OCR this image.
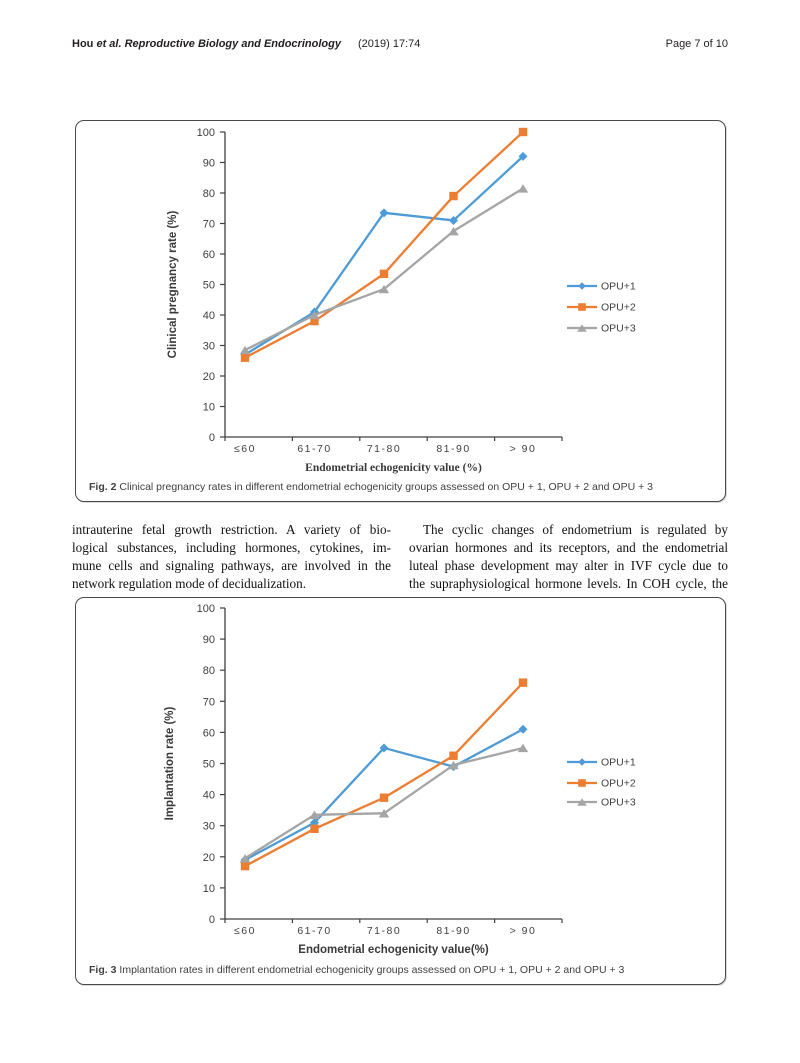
Hou et al. Reproductive Biology and Endocrinology (2019) 17:74	Page 7 of 10
0
10
20
30
40
50
60
70
80
90
100
≤60	61-70	71-80	81-90	> 90
Endometrial echogenicity value (%)
Clinical pregnancy rate (%)	OPU+1
OPU+2
OPU+3
Fig. 2 Clinical pregnancy rates in different endometrial echogenicity groups assessed on OPU + 1, OPU + 2 and OPU + 3
intrauterine fetal growth restriction. A variety of bio-
logical substances, including hormones, cytokines, im-
mune cells and signaling pathways, are involved in the
network regulation mode of decidualization.
The cyclic changes of endometrium is regulated by
ovarian hormones and its receptors, and the endometrial
luteal phase development may alter in IVF cycle due to
the supraphysiological hormone levels. In COH cycle, the
0
10
20
30
40
50
60
70
80
90
100
≤60	61-70	71-80	81-90	> 90
Endometrial echogenicity value(%)
Implantation rate (%)	OPU+1
OPU+2
OPU+3
Fig. 3 Implantation rates in different endometrial echogenicity groups assessed on OPU + 1, OPU + 2 and OPU + 3
